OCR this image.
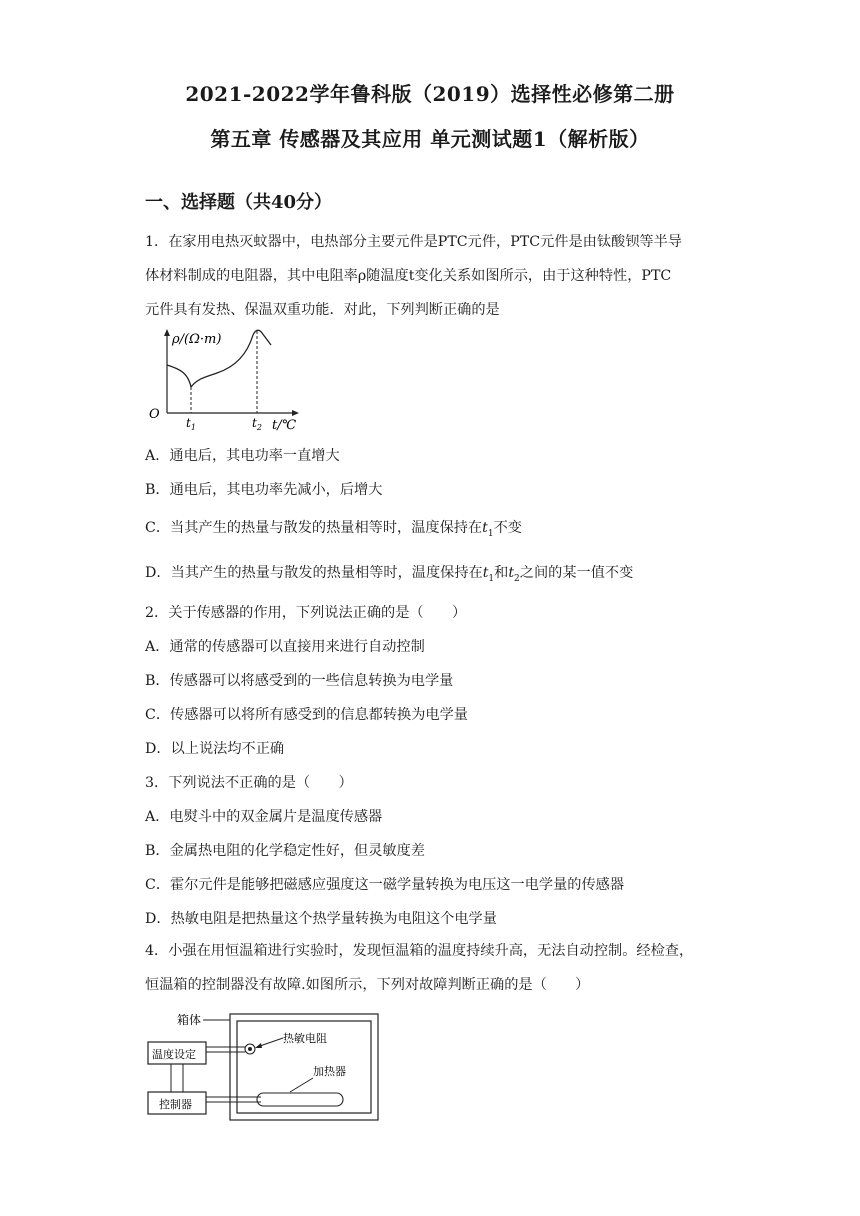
2021-2022学年鲁科版（2019）选择性必修第二册
第五章 传感器及其应用 单元测试题1（解析版）
一、选择题（共40分）
1．在家用电热灭蚊器中，电热部分主要元件是PTC元件，PTC元件是由钛酸钡等半导
体材料制成的电阻器，其中电阻率ρ随温度t变化关系如图所示，由于这种特性，PTC
元件具有发热、保温双重功能．对此，下列判断正确的是
ρ/(Ω·m)
O
$t_1$	$t_2$ t/℃
A．通电后，其电功率一直增大
B．通电后，其电功率先减小，后增大
C．当其产生的热量与散发的热量相等时，温度保持在$t_1$不变
D．当其产生的热量与散发的热量相等时，温度保持在$t_1$和$t_2$之间的某一值不变
2．关于传感器的作用，下列说法正确的是（　　）
A．通常的传感器可以直接用来进行自动控制
B．传感器可以将感受到的一些信息转换为电学量
C．传感器可以将所有感受到的信息都转换为电学量
D．以上说法均不正确
3．下列说法不正确的是（　　）
A．电熨斗中的双金属片是温度传感器
B．金属热电阻的化学稳定性好，但灵敏度差
C．霍尔元件是能够把磁感应强度这一磁学量转换为电压这一电学量的传感器
D．热敏电阻是把热量这个热学量转换为电阻这个电学量
4．小强在用恒温箱进行实验时，发现恒温箱的温度持续升高，无法自动控制。经检查，
恒温箱的控制器没有故障.如图所示，下列对故障判断正确的是（　　）
箱体
温度设定
控制器
热敏电阻
加热器
